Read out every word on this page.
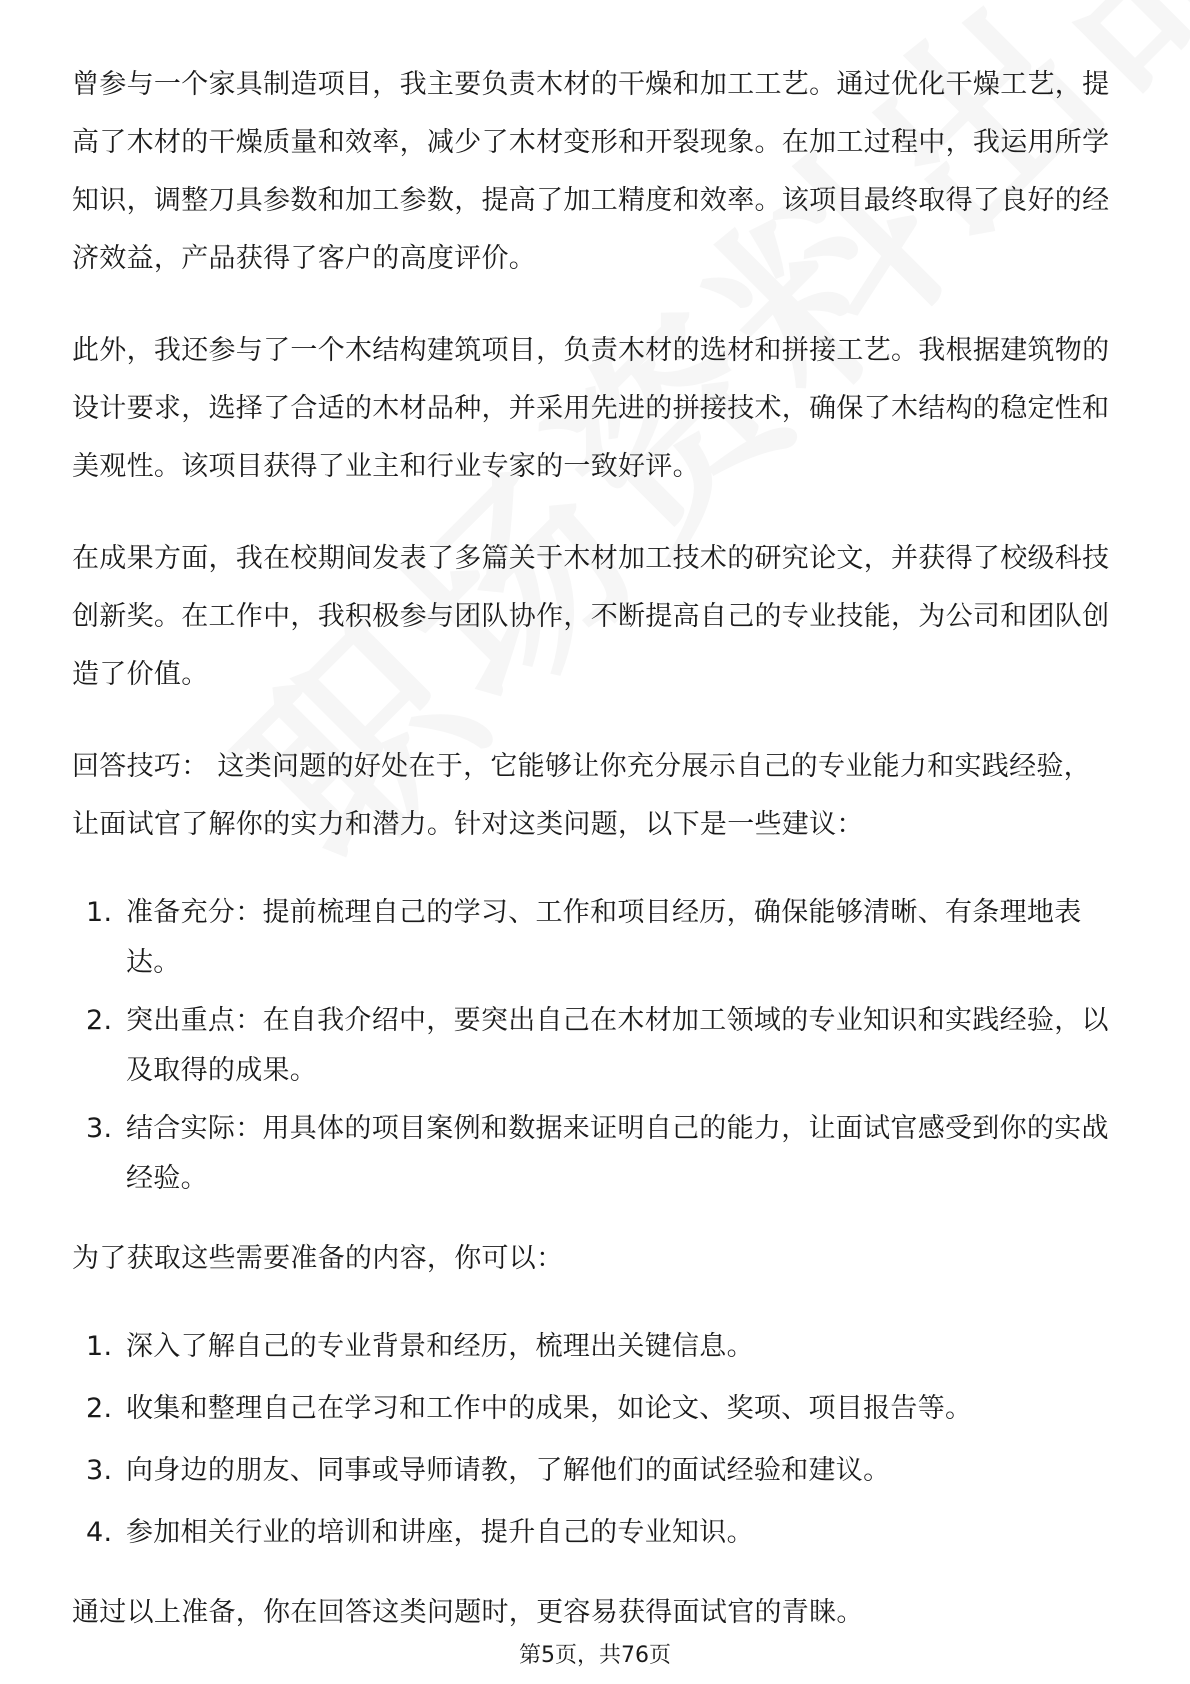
曾参与一个家具制造项目，我主要负责木材的干燥和加工工艺。通过优化干燥工艺，提高了木材的干燥质量和效率，减少了木材变形和开裂现象。在加工过程中，我运用所学知识，调整刀具参数和加工参数，提高了加工精度和效率。该项目最终取得了良好的经济效益，产品获得了客户的高度评价。

此外，我还参与了一个木结构建筑项目，负责木材的选材和拼接工艺。我根据建筑物的设计要求，选择了合适的木材品种，并采用先进的拼接技术，确保了木结构的稳定性和美观性。该项目获得了业主和行业专家的一致好评。

在成果方面，我在校期间发表了多篇关于木材加工技术的研究论文，并获得了校级科技创新奖。在工作中，我积极参与团队协作，不断提高自己的专业技能，为公司和团队创造了价值。

回答技巧： 这类问题的好处在于，它能够让你充分展示自己的专业能力和实践经验，让面试官了解你的实力和潜力。针对这类问题，以下是一些建议：

1. 准备充分：提前梳理自己的学习、工作和项目经历，确保能够清晰、有条理地表达。
2. 突出重点：在自我介绍中，要突出自己在木材加工领域的专业知识和实践经验，以及取得的成果。
3. 结合实际：用具体的项目案例和数据来证明自己的能力，让面试官感受到你的实战经验。

为了获取这些需要准备的内容，你可以：

1. 深入了解自己的专业背景和经历，梳理出关键信息。
2. 收集和整理自己在学习和工作中的成果，如论文、奖项、项目报告等。
3. 向身边的朋友、同事或导师请教，了解他们的面试经验和建议。
4. 参加相关行业的培训和讲座，提升自己的专业知识。

通过以上准备，你在回答这类问题时，更容易获得面试官的青睐。

第5页，共76页
